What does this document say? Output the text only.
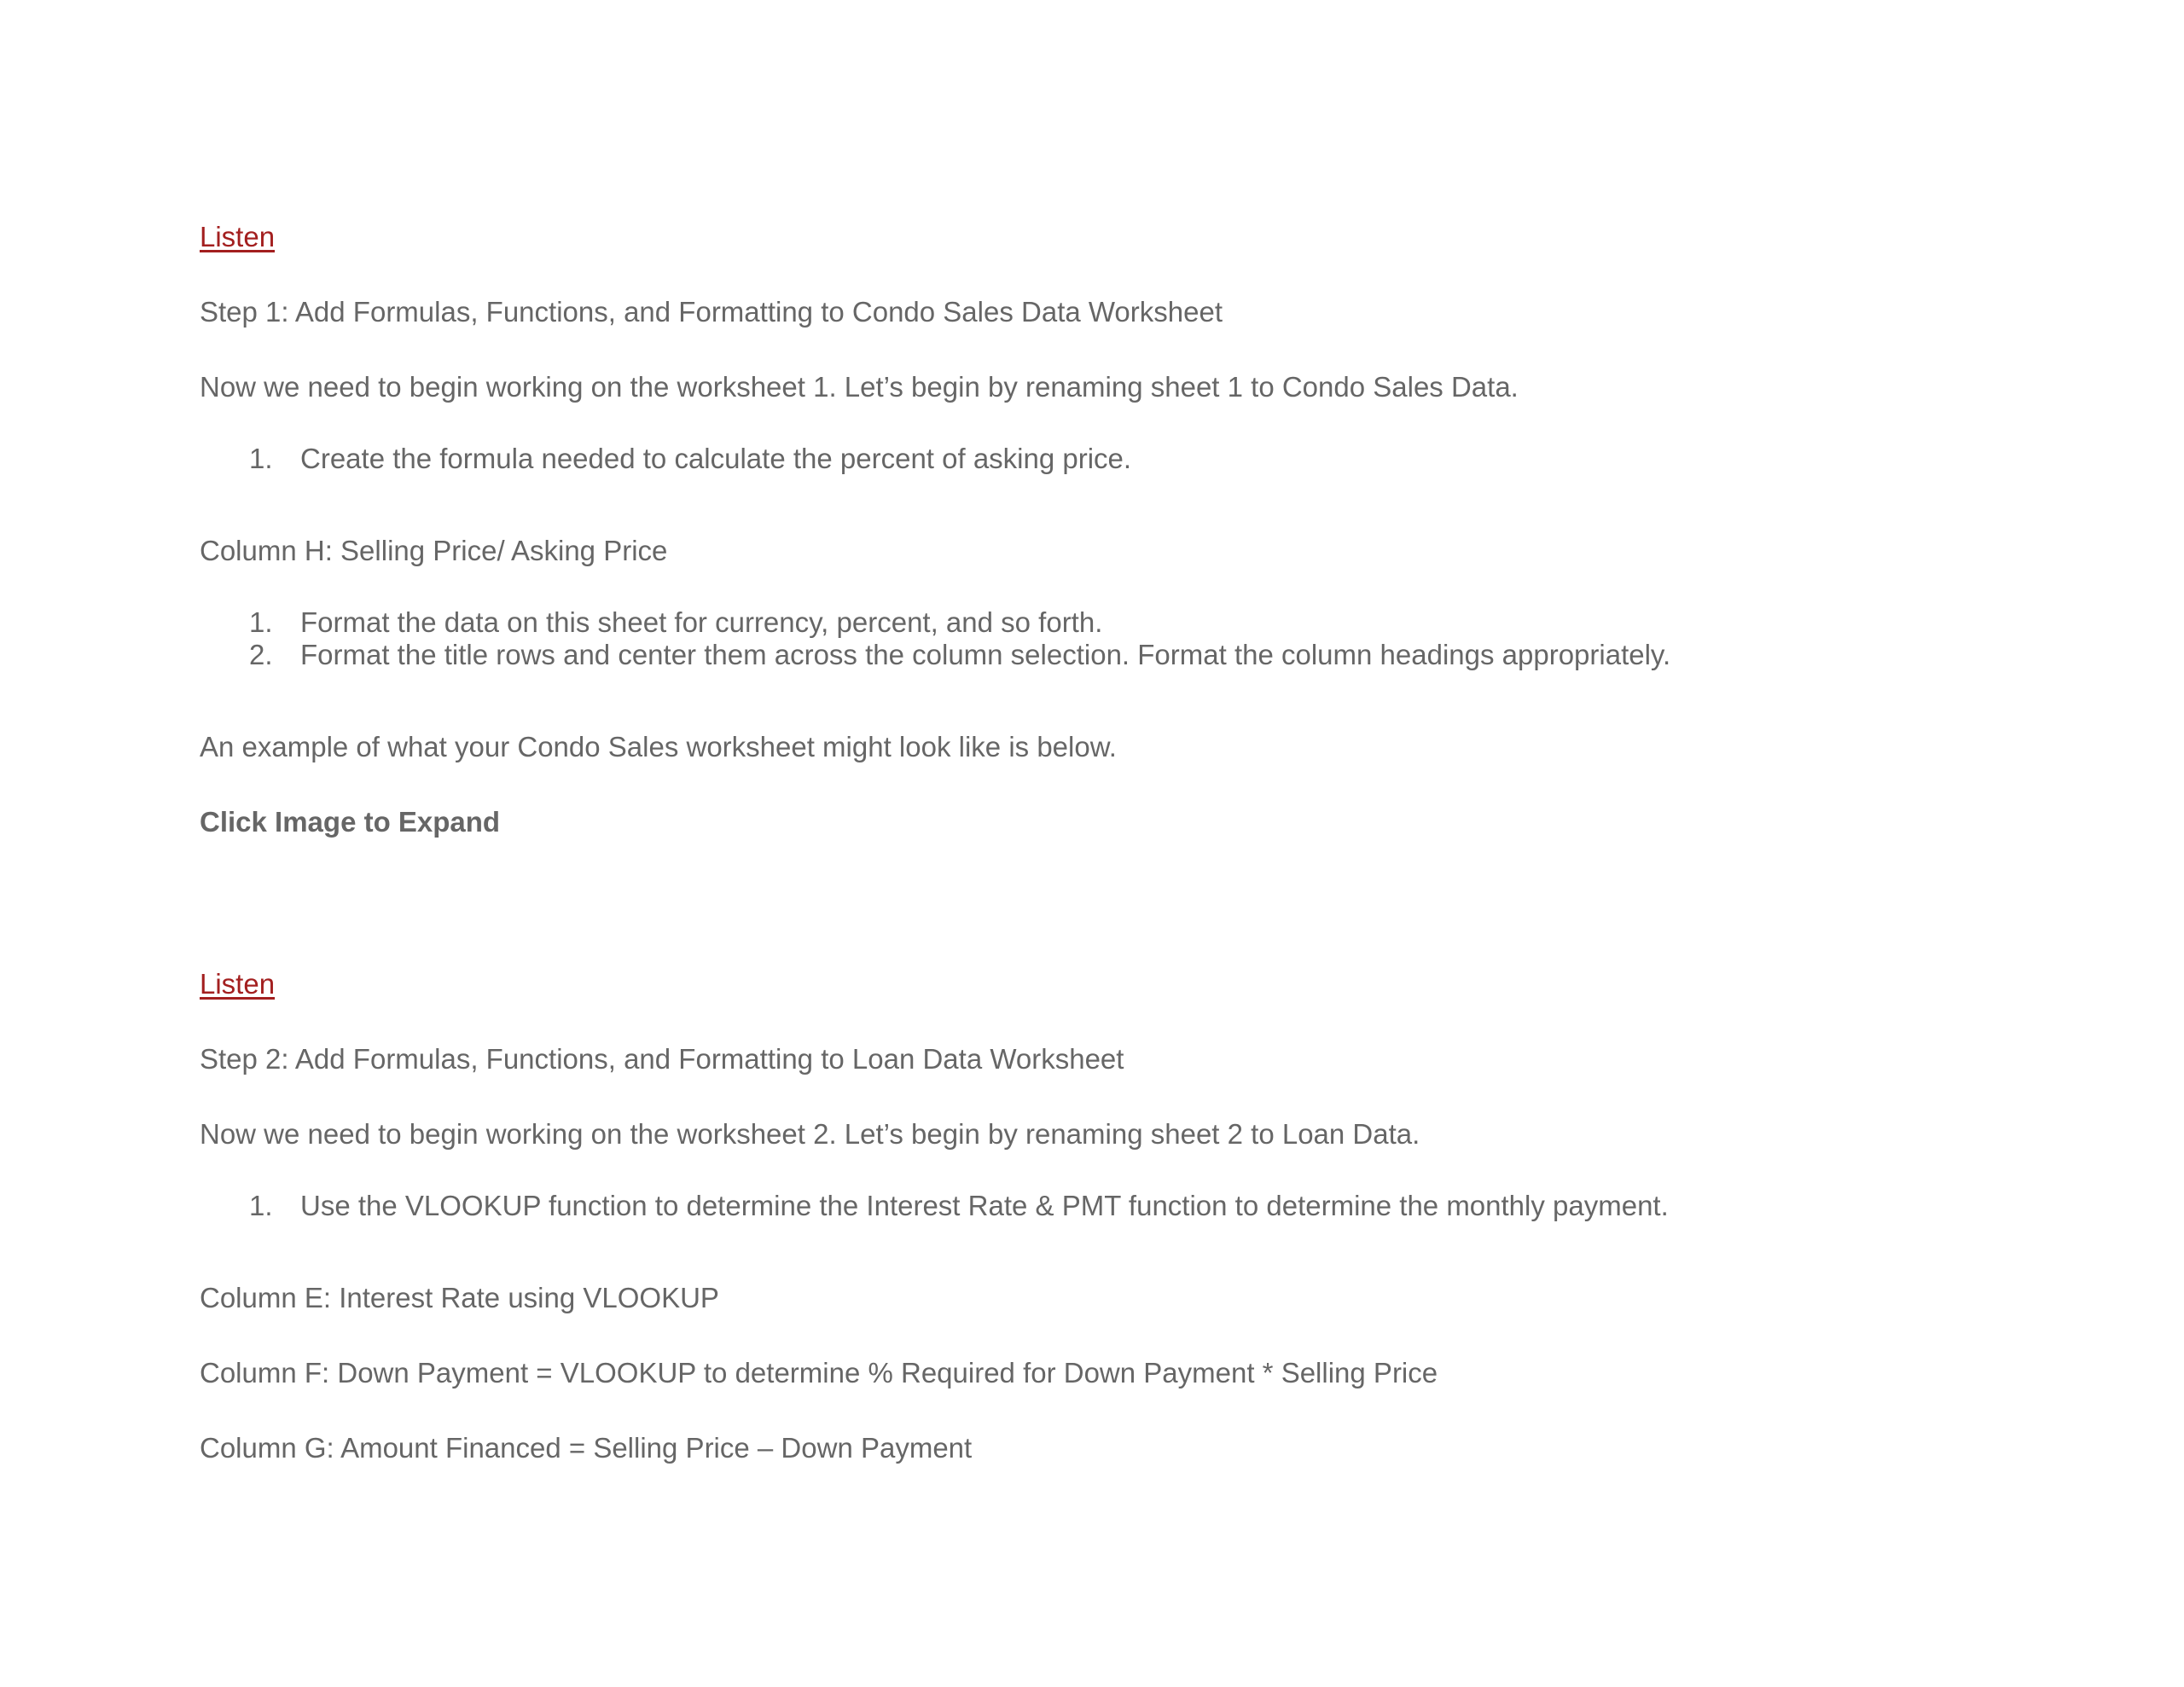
Listen

Step 1: Add Formulas, Functions, and Formatting to Condo Sales Data Worksheet

Now we need to begin working on the worksheet 1. Let’s begin by renaming sheet 1 to Condo Sales Data.

1. Create the formula needed to calculate the percent of asking price.

Column H: Selling Price/ Asking Price

1. Format the data on this sheet for currency, percent, and so forth.

2. Format the title rows and center them across the column selection. Format the column headings appropriately.

An example of what your Condo Sales worksheet might look like is below.

Click Image to Expand

Listen

Step 2: Add Formulas, Functions, and Formatting to Loan Data Worksheet

Now we need to begin working on the worksheet 2. Let’s begin by renaming sheet 2 to Loan Data.

1. Use the VLOOKUP function to determine the Interest Rate & PMT function to determine the monthly payment.

Column E: Interest Rate using VLOOKUP

Column F: Down Payment = VLOOKUP to determine % Required for Down Payment * Selling Price

Column G: Amount Financed = Selling Price – Down Payment
